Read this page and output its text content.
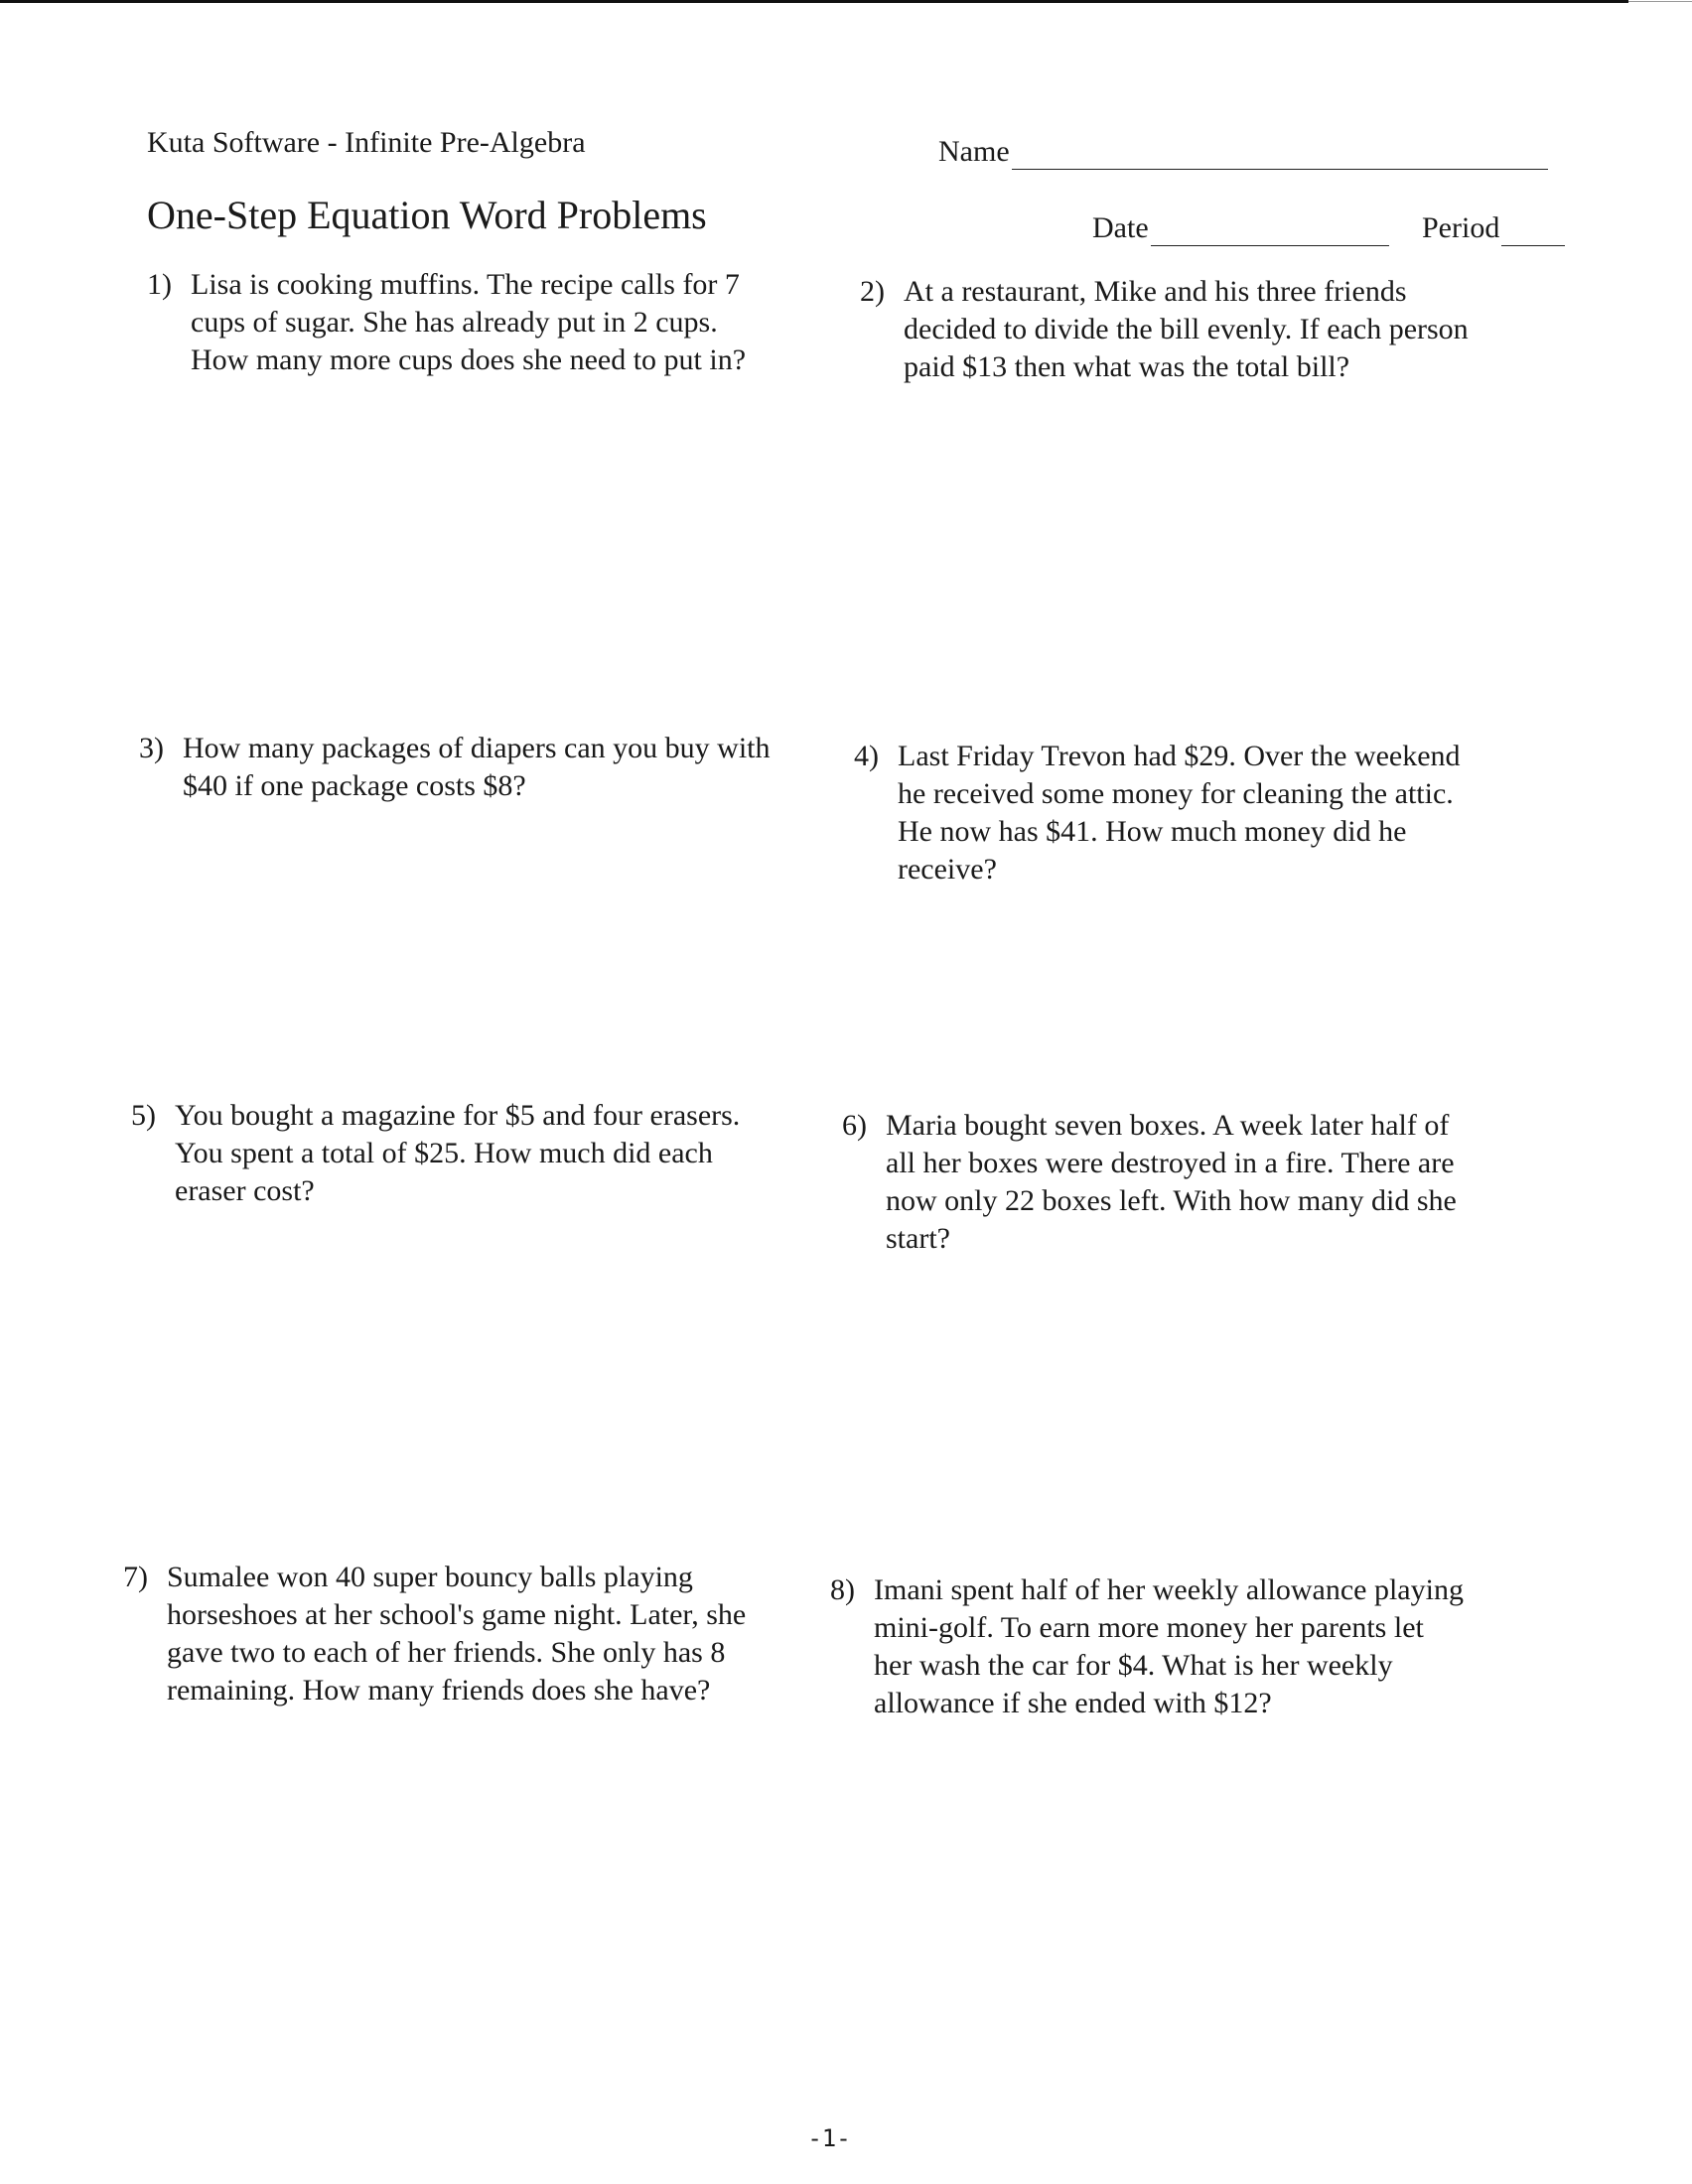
Kuta Software - Infinite Pre-Algebra
One-Step Equation Word Problems
Name
Date	Period
1) Lisa is cooking muffins. The recipe calls for 7 cups of sugar. She has already put in 2 cups. How many more cups does she need to put in?
2) At a restaurant, Mike and his three friends decided to divide the bill evenly. If each person paid $13 then what was the total bill?
3) How many packages of diapers can you buy with $40 if one package costs $8?
4) Last Friday Trevon had $29. Over the weekend he received some money for cleaning the attic. He now has $41. How much money did he receive?
5) You bought a magazine for $5 and four erasers. You spent a total of $25. How much did each eraser cost?
6) Maria bought seven boxes. A week later half of all her boxes were destroyed in a fire. There are now only 22 boxes left. With how many did she start?
7) Sumalee won 40 super bouncy balls playing horseshoes at her school's game night. Later, she gave two to each of her friends. She only has 8 remaining. How many friends does she have?
8) Imani spent half of her weekly allowance playing mini-golf. To earn more money her parents let her wash the car for $4. What is her weekly allowance if she ended with $12?
-1-
